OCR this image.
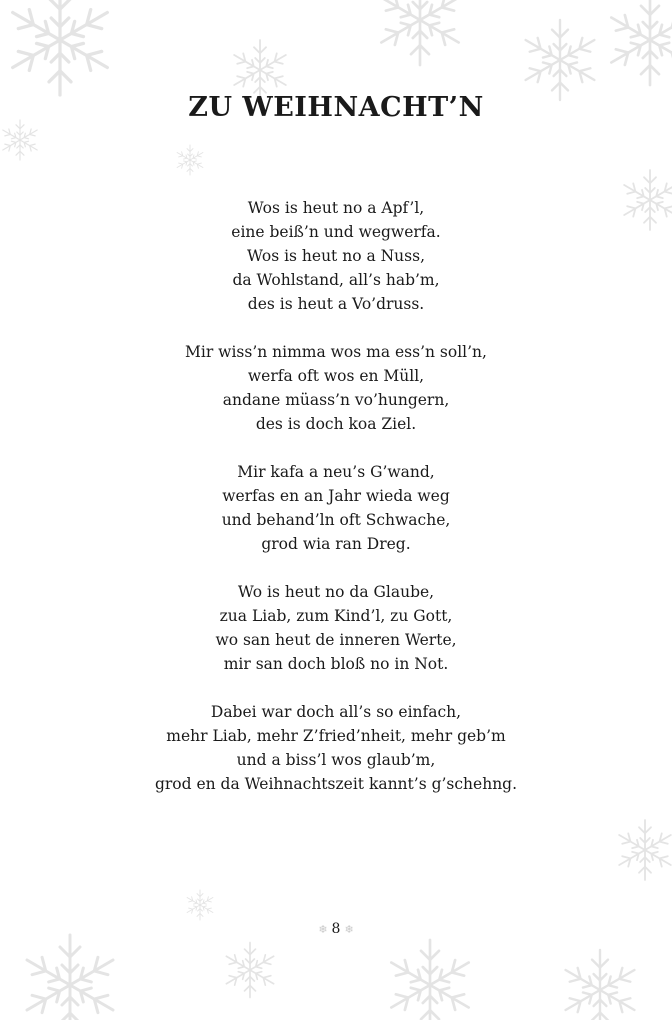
ZU WEIHNACHT’N

Wos is heut no a Apf’l,
eine beiß’n und wegwerfa.
Wos is heut no a Nuss,
da Wohlstand, all’s hab’m,
des is heut a Vo’druss.

Mir wiss’n nimma wos ma ess’n soll’n,
werfa oft wos en Müll,
andane müass’n vo’hungern,
des is doch koa Ziel.

Mir kafa a neu’s G’wand,
werfas en an Jahr wieda weg
und behand’ln oft Schwache,
grod wia ran Dreg.

Wo is heut no da Glaube,
zua Liab, zum Kind’l, zu Gott,
wo san heut de inneren Werte,
mir san doch bloß no in Not.

Dabei war doch all’s so einfach,
mehr Liab, mehr Z’fried’nheit, mehr geb’m
und a biss’l wos glaub’m,
grod en da Weihnachtszeit kannt’s g’schehng.

❄ 8 ❄
